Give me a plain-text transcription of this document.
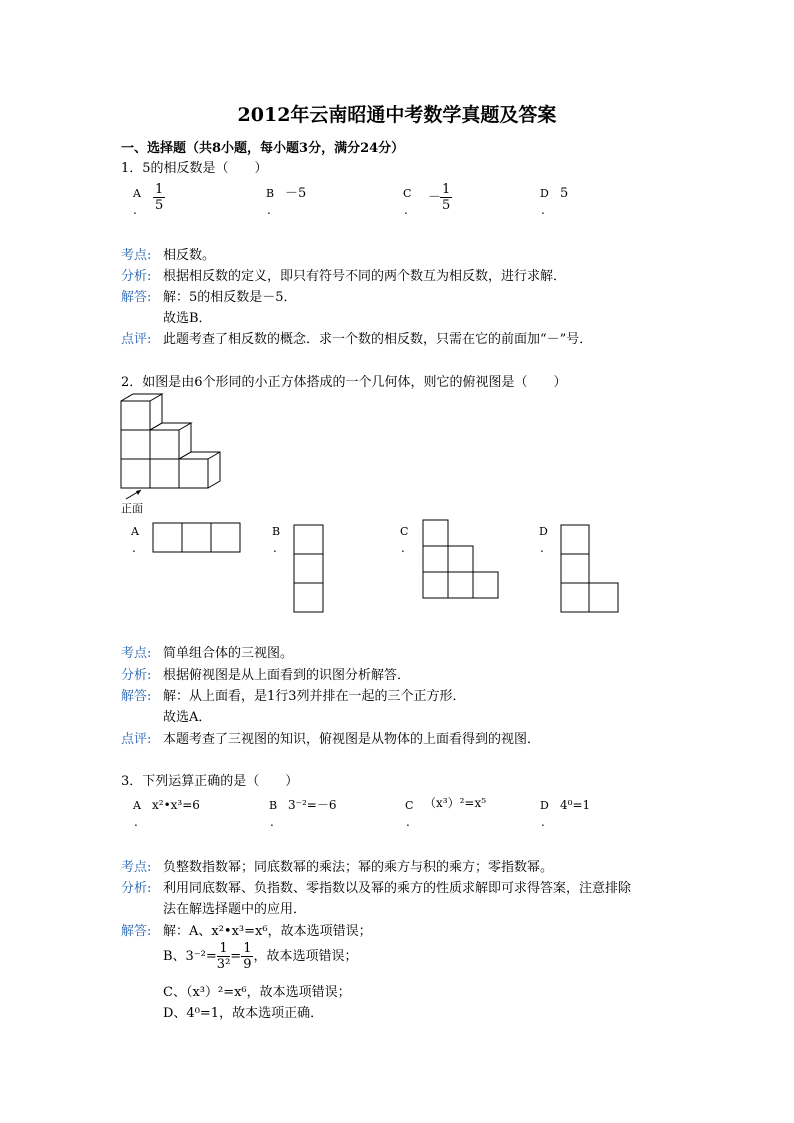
2012年云南昭通中考数学真题及答案
一、选择题（共8小题，每小题3分，满分24分）
1．5的相反数是（　　）
A
. $\frac{1}{5}$	B －5
.
C
.
－
$\frac{1}{5}$	D 5
.
考点: 相反数。
分析: 根据相反数的定义，即只有符号不同的两个数互为相反数，进行求解．
解答: 解：5的相反数是－5．
故选B．
点评: 此题考查了相反数的概念．求一个数的相反数，只需在它的前面加“－”号．
2．如图是由6个形同的小正方体搭成的一个几何体，则它的俯视图是（　　）
正面
A
.
B
.
C
.
D
.
考点: 简单组合体的三视图。
分析: 根据俯视图是从上面看到的识图分析解答．
解答: 解：从上面看，是1行3列并排在一起的三个正方形．
故选A．
点评: 本题考查了三视图的知识，俯视图是从物体的上面看得到的视图．
3．下列运算正确的是（　　）
A x²•x³=6
.
B 3⁻²=－6
.
C （x³）²=x⁵
.
D 4⁰=1
.
考点: 负整数指数幂；同底数幂的乘法；幂的乘方与积的乘方；零指数幂。
分析: 利用同底数幂、负指数、零指数以及幂的乘方的性质求解即可求得答案，注意排除
法在解选择题中的应用．
解答: 解：A、x²•x³=x⁶，故本选项错误；
B、$3^{-2}= \frac{1}{\text{3²}} = \frac{1}{9}$ ，故本选项错误；
C、（x³）²=x⁶，故本选项错误；
D、4⁰=1，故本选项正确．
